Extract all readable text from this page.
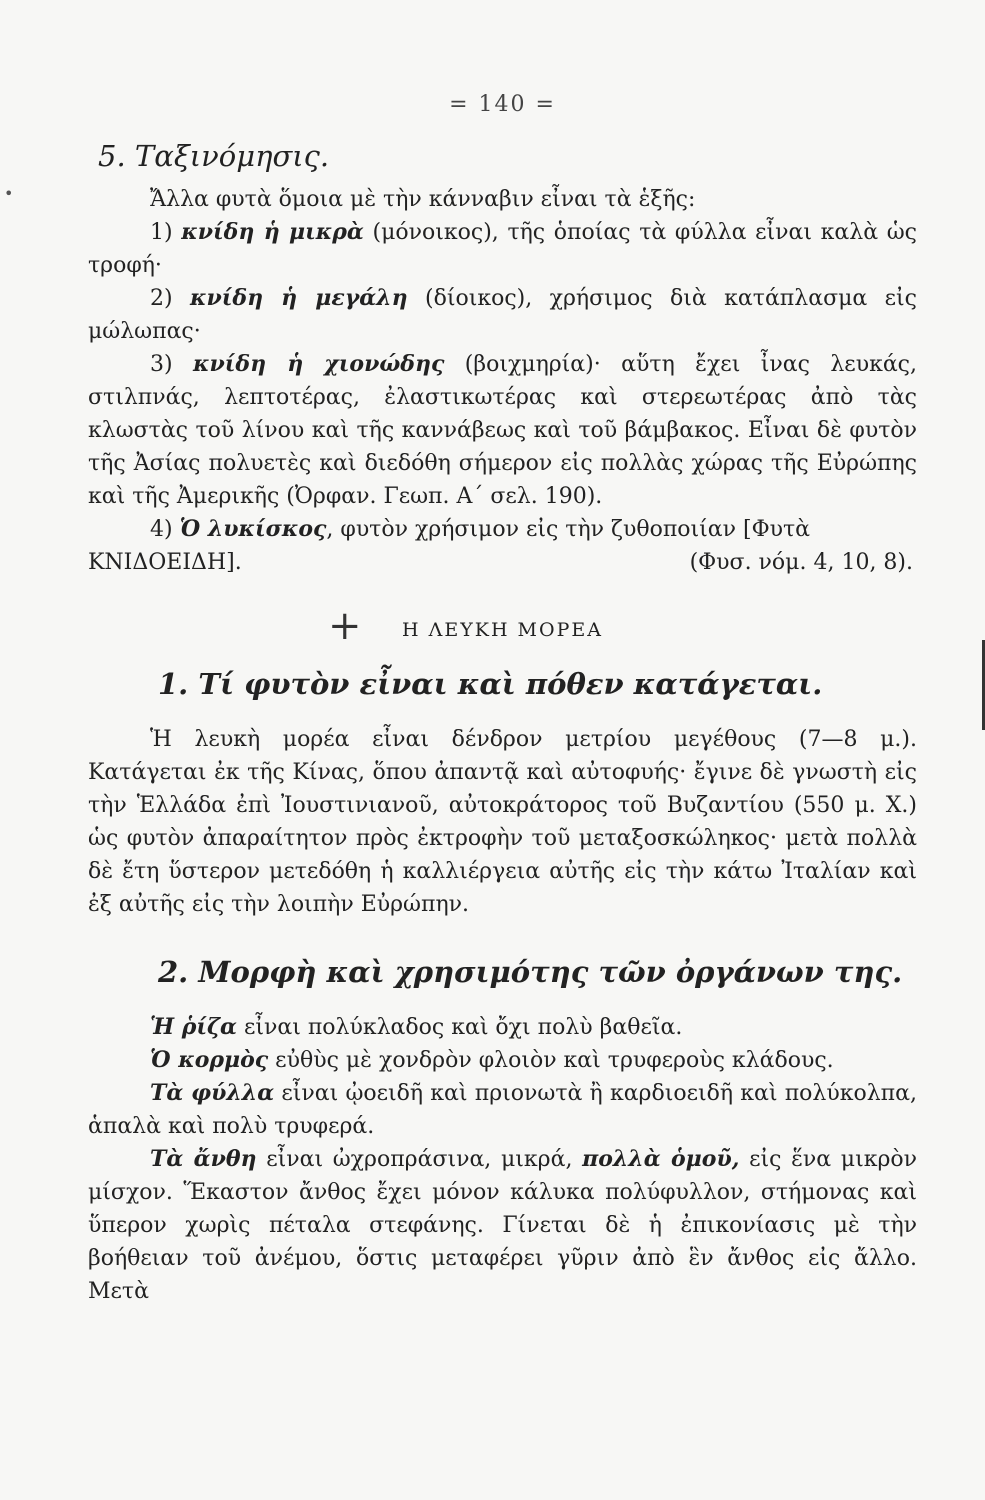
•
= 140 =
5. Ταξινόμησις.

Ἄλλα φυτὰ ὅμοια μὲ τὴν κάνναβιν εἶναι τὰ ἑξῆς:

1) κνίδη ἡ μικρὰ (μόνοικος), τῆς ὁποίας τὰ φύλλα εἶναι καλὰ ὡς τροφή·

2) κνίδη ἡ μεγάλη (δίοικος), χρήσιμος διὰ κατάπλασμα εἰς μώλωπας·

3) κνίδη ἡ χιονώδης (βοιχμηρία)· αὕτη ἔχει ἶνας λευκάς, στιλπνάς, λεπτοτέρας, ἐλαστικωτέρας καὶ στερεωτέρας ἀπὸ τὰς κλωστὰς τοῦ λίνου καὶ τῆς καννάβεως καὶ τοῦ βάμβακος. Εἶναι δὲ φυτὸν τῆς Ἀσίας πολυετὲς καὶ διεδόθη σήμερον εἰς πολλὰς χώρας τῆς Εὐρώπης καὶ τῆς Ἀμερικῆς (Ὀρφαν. Γεωπ. Α΄ σελ. 190).

4) Ὁ λυκίσκος, φυτὸν χρήσιμον εἰς τὴν ζυθοποιίαν [Φυτὰ

ΚΝΙΔΟΕΙΔΗ].	(Φυσ. νόμ. 4, 10, 8).
+ Η ΛΕΥΚΗ ΜΟΡΕΑ
1. Τί φυτὸν εἶναι καὶ πόθεν κατάγεται.

Ἡ λευκὴ μορέα εἶναι δένδρον μετρίου μεγέθους (7—8 μ.). Κατάγεται ἐκ τῆς Κίνας, ὅπου ἀπαντᾷ καὶ αὐτοφυής· ἔγινε δὲ γνωστὴ εἰς τὴν Ἑλλάδα ἐπὶ Ἰουστινιανοῦ, αὐτοκράτορος τοῦ Βυζαντίου (550 μ. Χ.) ὡς φυτὸν ἀπαραίτητον πρὸς ἐκτροφὴν τοῦ μεταξοσκώληκος· μετὰ πολλὰ δὲ ἔτη ὕστερον μετεδόθη ἡ καλλιέργεια αὐτῆς εἰς τὴν κάτω Ἰταλίαν καὶ ἐξ αὐτῆς εἰς τὴν λοιπὴν Εὐρώπην.

2. Μορφὴ καὶ χρησιμότης τῶν ὀργάνων της.

Ἡ ῥίζα εἶναι πολύκλαδος καὶ ὄχι πολὺ βαθεῖα.

Ὁ κορμὸς εὐθὺς μὲ χονδρὸν φλοιὸν καὶ τρυφεροὺς κλάδους.

Τὰ φύλλα εἶναι ᾠοειδῆ καὶ πριονωτὰ ἢ καρδιοειδῆ καὶ πολύκολπα, ἁπαλὰ καὶ πολὺ τρυφερά.

Τὰ ἄνθη εἶναι ὠχροπράσινα, μικρά, πολλὰ ὁμοῦ, εἰς ἕνα μικρὸν μίσχον. Ἕκαστον ἄνθος ἔχει μόνον κάλυκα πολύφυλλον, στήμονας καὶ ὕπερον χωρὶς πέταλα στεφάνης. Γίνεται δὲ ἡ ἐπικονίασις μὲ τὴν βοήθειαν τοῦ ἀνέμου, ὅστις μεταφέρει γῦριν ἀπὸ ἓν ἄνθος εἰς ἄλλο. Μετὰ
